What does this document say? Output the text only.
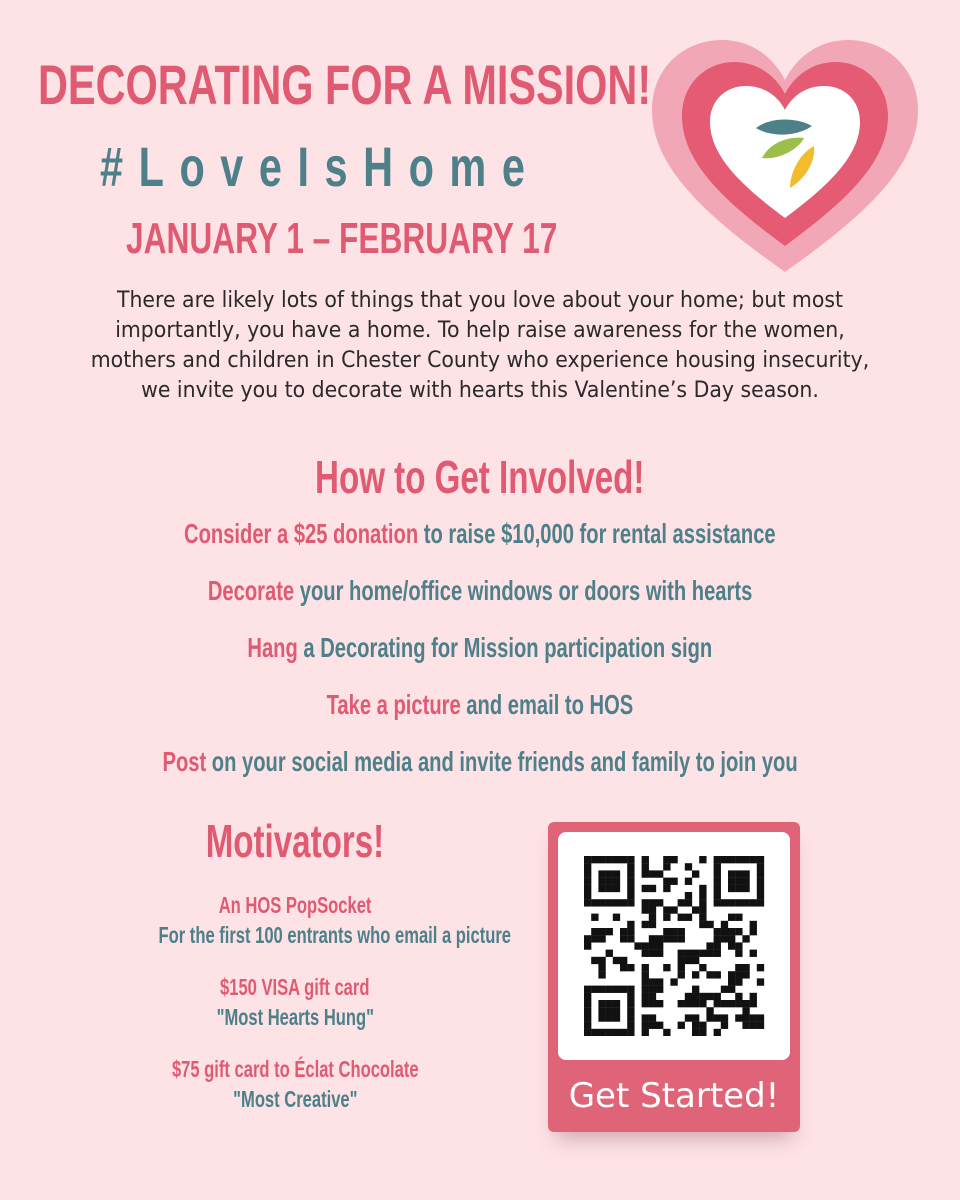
DECORATING FOR A MISSION!
#LoveIsHome
JANUARY 1 – FEBRUARY 17
There are likely lots of things that you love about your home; but most
importantly, you have a home. To help raise awareness for the women,
mothers and children in Chester County who experience housing insecurity,
we invite you to decorate with hearts this Valentine’s Day season.
How to Get Involved!
Consider a $25 donation to raise $10,000 for rental assistance
Decorate your home/office windows or doors with hearts
Hang a Decorating for Mission participation sign
Take a picture and email to HOS
Post on your social media and invite friends and family to join you
Motivators!
An HOS PopSocket
For the first 100 entrants who email a picture
$150 VISA gift card
"Most Hearts Hung"
$75 gift card to Éclat Chocolate
"Most Creative"	Get Started!
